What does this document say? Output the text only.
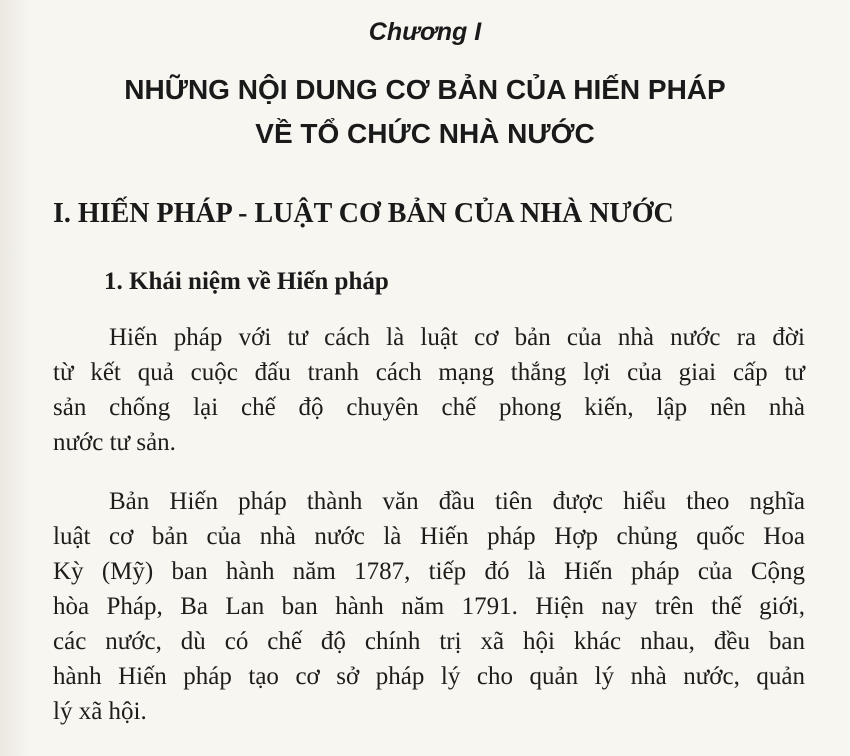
Chương I
NHỮNG NỘI DUNG CƠ BẢN CỦA HIẾN PHÁP
VỀ TỔ CHỨC NHÀ NƯỚC
I. HIẾN PHÁP - LUẬT CƠ BẢN CỦA NHÀ NƯỚC
1. Khái niệm về Hiến pháp
Hiến pháp với tư cách là luật cơ bản của nhà nước ra đời
từ kết quả cuộc đấu tranh cách mạng thắng lợi của giai cấp tư
sản chống lại chế độ chuyên chế phong kiến, lập nên nhà
nước tư sản.
Bản Hiến pháp thành văn đầu tiên được hiểu theo nghĩa
luật cơ bản của nhà nước là Hiến pháp Hợp chủng quốc Hoa
Kỳ (Mỹ) ban hành năm 1787, tiếp đó là Hiến pháp của Cộng
hòa Pháp, Ba Lan ban hành năm 1791. Hiện nay trên thế giới,
các nước, dù có chế độ chính trị xã hội khác nhau, đều ban
hành Hiến pháp tạo cơ sở pháp lý cho quản lý nhà nước, quản
lý xã hội.
